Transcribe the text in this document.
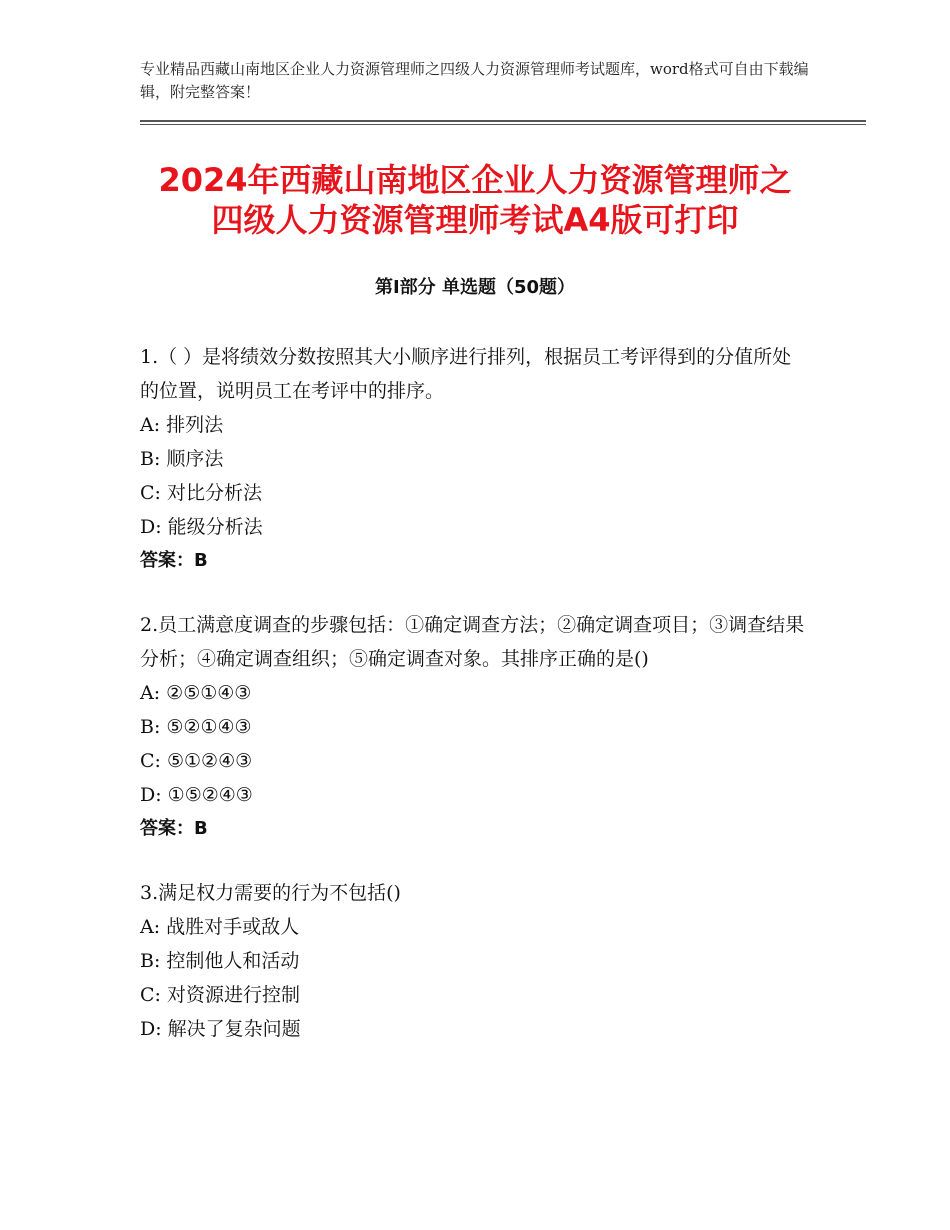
专业精品西藏山南地区企业人力资源管理师之四级人力资源管理师考试题库，word格式可自由下载编辑，附完整答案！
2024年西藏山南地区企业人力资源管理师之
四级人力资源管理师考试A4版可打印
第Ⅰ部分 单选题（50题）

1.（ ）是将绩效分数按照其大小顺序进行排列，根据员工考评得到的分值所处的位置，说明员工在考评中的排序。

A: 排列法

B: 顺序法

C: 对比分析法

D: 能级分析法

答案：B

2.员工满意度调查的步骤包括：①确定调查方法；②确定调查项目；③调查结果分析；④确定调查组织；⑤确定调查对象。其排序正确的是()

A: ②⑤①④③

B: ⑤②①④③

C: ⑤①②④③

D: ①⑤②④③

答案：B

3.满足权力需要的行为不包括()

A: 战胜对手或敌人

B: 控制他人和活动

C: 对资源进行控制

D: 解决了复杂问题
